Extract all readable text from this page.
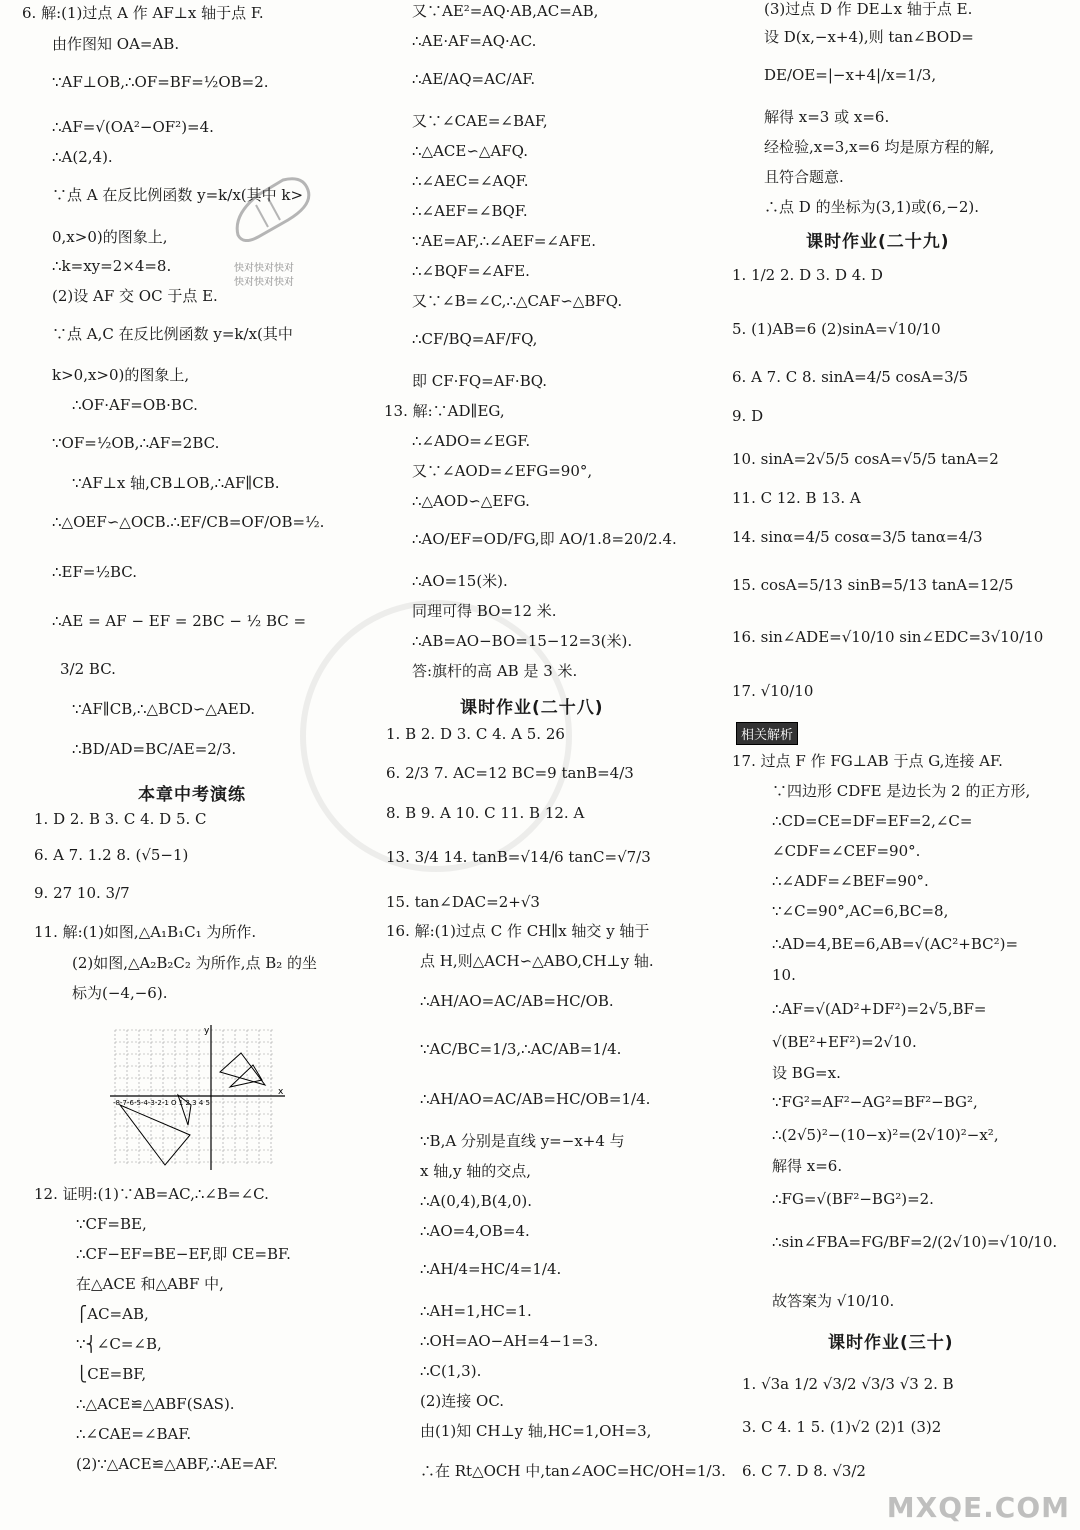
快对快对快对
快对快对快对
6. 解:(1)过点 A 作 AF⊥x 轴于点 F.
由作图知 OA=AB.
∵AF⊥OB,∴OF=BF=½OB=2.
∴AF=√(OA²−OF²)=4.
∴A(2,4).
∵点 A 在反比例函数 y=k/x(其中 k>
0,x>0)的图象上,
∴k=xy=2×4=8.
(2)设 AF 交 OC 于点 E.
∵点 A,C 在反比例函数 y=k/x(其中
k>0,x>0)的图象上,
∴OF·AF=OB·BC.
∵OF=½OB,∴AF=2BC.
∵AF⊥x 轴,CB⊥OB,∴AF∥CB.
∴△OEF∽△OCB.∴EF/CB=OF/OB=½.
∴EF=½BC.
∴AE = AF − EF = 2BC − ½ BC =
3/2 BC.
∵AF∥CB,∴△BCD∽△AED.
∴BD/AD=BC/AE=2/3.
1. D 2. B 3. C 4. D 5. C
6. A 7. 1.2 8. (√5−1)
9. 27 10. 3/7
11. 解:(1)如图,△A₁B₁C₁ 为所作.
(2)如图,△A₂B₂C₂ 为所作,点 B₂ 的坐
标为(−4,−6).
12. 证明:(1)∵AB=AC,∴∠B=∠C.
∵CF=BE,
∴CF−EF=BE−EF,即 CE=BF.
在△ACE 和△ABF 中,
⎧AC=AB,
∵⎨∠C=∠B,
⎩CE=BF,
∴△ACE≌△ABF(SAS).
∴∠CAE=∠BAF.
(2)∵△ACE≌△ABF,∴AE=AF.
又∵AE²=AQ·AB,AC=AB,
∴AE·AF=AQ·AC.
∴AE/AQ=AC/AF.
又∵∠CAE=∠BAF,
∴△ACE∽△AFQ.
∴∠AEC=∠AQF.
∴∠AEF=∠BQF.
∵AE=AF,∴∠AEF=∠AFE.
∴∠BQF=∠AFE.
又∵∠B=∠C,∴△CAF∽△BFQ.
∴CF/BQ=AF/FQ,
即 CF·FQ=AF·BQ.
13. 解:∵AD∥EG,
∴∠ADO=∠EGF.
又∵∠AOD=∠EFG=90°,
∴△AOD∽△EFG.
∴AO/EF=OD/FG,即 AO/1.8=20/2.4.
∴AO=15(米).
同理可得 BO=12 米.
∴AB=AO−BO=15−12=3(米).
答:旗杆的高 AB 是 3 米.
1. B 2. D 3. C 4. A 5. 26
6. 2/3 7. AC=12 BC=9 tanB=4/3
8. B 9. A 10. C 11. B 12. A
13. 3/4 14. tanB=√14/6 tanC=√7/3
15. tan∠DAC=2+√3
16. 解:(1)过点 C 作 CH∥x 轴交 y 轴于
点 H,则△ACH∽△ABO,CH⊥y 轴.
∴AH/AO=AC/AB=HC/OB.
∵AC/BC=1/3,∴AC/AB=1/4.
∴AH/AO=AC/AB=HC/OB=1/4.
∵B,A 分别是直线 y=−x+4 与
x 轴,y 轴的交点,
∴A(0,4),B(4,0).
∴AO=4,OB=4.
∴AH/4=HC/4=1/4.
∴AH=1,HC=1.
∴OH=AO−AH=4−1=3.
∴C(1,3).
(2)连接 OC.
由(1)知 CH⊥y 轴,HC=1,OH=3,
∴在 Rt△OCH 中,tan∠AOC=HC/OH=1/3.
(3)过点 D 作 DE⊥x 轴于点 E.
设 D(x,−x+4),则 tan∠BOD=
DE/OE=|−x+4|/x=1/3,
解得 x=3 或 x=6.
经检验,x=3,x=6 均是原方程的解,
且符合题意.
∴点 D 的坐标为(3,1)或(6,−2).
1. 1/2 2. D 3. D 4. D
5. (1)AB=6 (2)sinA=√10/10
6. A 7. C 8. sinA=4/5 cosA=3/5
9. D
10. sinA=2√5/5 cosA=√5/5 tanA=2
11. C 12. B 13. A
14. sinα=4/5 cosα=3/5 tanα=4/3
15. cosA=5/13 sinB=5/13 tanA=12/5
16. sin∠ADE=√10/10 sin∠EDC=3√10/10
17. √10/10
17. 过点 F 作 FG⊥AB 于点 G,连接 AF.
∵四边形 CDFE 是边长为 2 的正方形,
∴CD=CE=DF=EF=2,∠C=
∠CDF=∠CEF=90°.
∴∠ADF=∠BEF=90°.
∵∠C=90°,AC=6,BC=8,
∴AD=4,BE=6,AB=√(AC²+BC²)=
10.
∴AF=√(AD²+DF²)=2√5,BF=
√(BE²+EF²)=2√10.
设 BG=x.
∵FG²=AF²−AG²=BF²−BG²,
∴(2√5)²−(10−x)²=(2√10)²−x²,
解得 x=6.
∴FG=√(BF²−BG²)=2.
∴sin∠FBA=FG/BF=2/(2√10)=√10/10.
故答案为 √10/10.
1. √3a 1/2 √3/2 √3/3 √3 2. B
3. C 4. 1 5. (1)√2 (2)1 (3)2
6. C 7. D 8. √3/2
本章中考演练
课时作业(二十八)
课时作业(二十九)
课时作业(三十)
相关解析
x
y
-8-7-6-5-4-3-2-1 O 1 2 3 4 5
MXQE.COM
